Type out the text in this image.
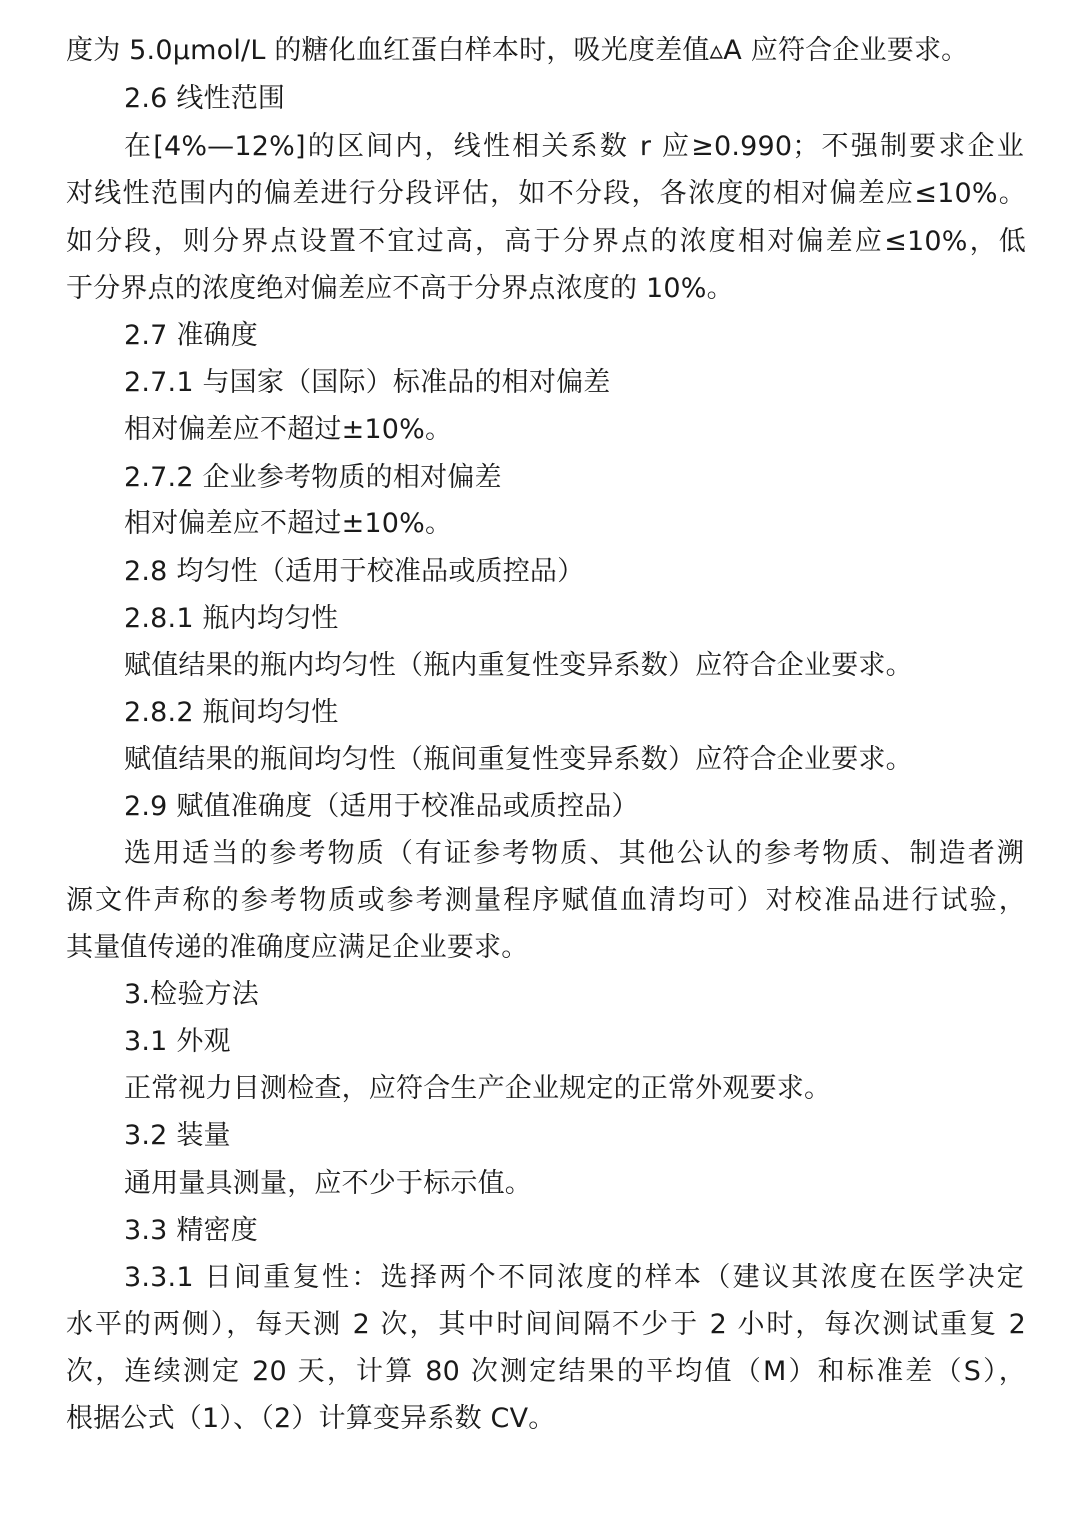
度为 5.0μmol/L 的糖化血红蛋白样本时，吸光度差值▵A 应符合企业要求。
2.6 线性范围
在[4%—12%]的区间内，线性相关系数 r 应≥0.990；不强制要求企业
对线性范围内的偏差进行分段评估，如不分段，各浓度的相对偏差应≤10%。
如分段，则分界点设置不宜过高，高于分界点的浓度相对偏差应≤10%，低
于分界点的浓度绝对偏差应不高于分界点浓度的 10%。
2.7 准确度
2.7.1 与国家（国际）标准品的相对偏差
相对偏差应不超过±10%。
2.7.2 企业参考物质的相对偏差
相对偏差应不超过±10%。
2.8 均匀性（适用于校准品或质控品）
2.8.1 瓶内均匀性
赋值结果的瓶内均匀性（瓶内重复性变异系数）应符合企业要求。
2.8.2 瓶间均匀性
赋值结果的瓶间均匀性（瓶间重复性变异系数）应符合企业要求。
2.9 赋值准确度（适用于校准品或质控品）
选用适当的参考物质（有证参考物质、其他公认的参考物质、制造者溯
源文件声称的参考物质或参考测量程序赋值血清均可）对校准品进行试验，
其量值传递的准确度应满足企业要求。
3.检验方法
3.1 外观
正常视力目测检查，应符合生产企业规定的正常外观要求。
3.2 装量
通用量具测量，应不少于标示值。
3.3 精密度
3.3.1 日间重复性：选择两个不同浓度的样本（建议其浓度在医学决定
水平的两侧），每天测 2 次，其中时间间隔不少于 2 小时，每次测试重复 2
次，连续测定 20 天，计算 80 次测定结果的平均值（M）和标准差（S），
根据公式（1）、（2）计算变异系数 CV。
